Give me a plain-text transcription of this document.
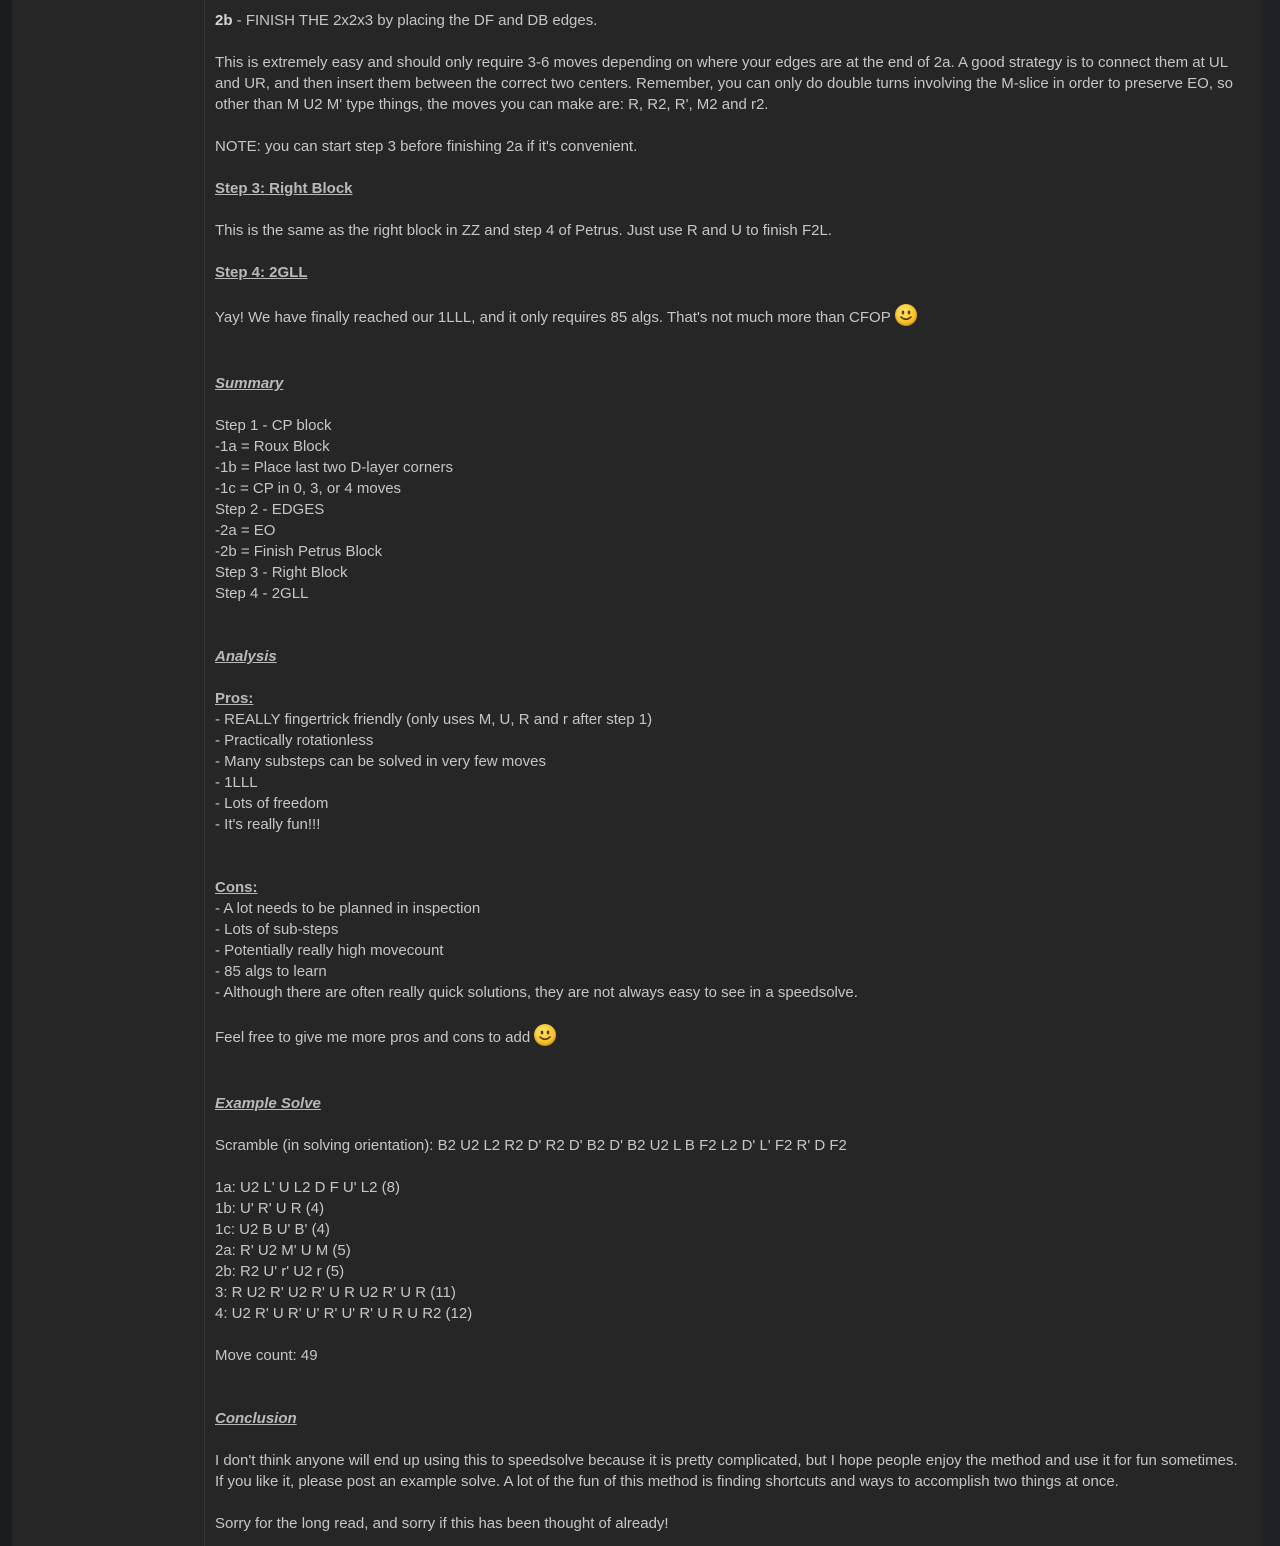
2b - FINISH THE 2x2x3 by placing the DF and DB edges.

This is extremely easy and should only require 3-6 moves depending on where your edges are at the end of 2a. A good strategy is to connect them at UL and UR, and then insert them between the correct two centers. Remember, you can only do double turns involving the M-slice in order to preserve EO, so other than M U2 M' type things, the moves you can make are: R, R2, R', M2 and r2.

NOTE: you can start step 3 before finishing 2a if it's convenient.

Step 3: Right Block

This is the same as the right block in ZZ and step 4 of Petrus. Just use R and U to finish F2L.

Step 4: 2GLL

Yay! We have finally reached our 1LLL, and it only requires 85 algs. That's not much more than CFOP

Summary

Step 1 - CP block

-1a = Roux Block

-1b = Place last two D-layer corners

-1c = CP in 0, 3, or 4 moves

Step 2 - EDGES

-2a = EO

-2b = Finish Petrus Block

Step 3 - Right Block

Step 4 - 2GLL

Analysis

Pros:

- REALLY fingertrick friendly (only uses M, U, R and r after step 1)

- Practically rotationless

- Many substeps can be solved in very few moves

- 1LLL

- Lots of freedom

- It's really fun!!!

Cons:

- A lot needs to be planned in inspection

- Lots of sub-steps

- Potentially really high movecount

- 85 algs to learn

- Although there are often really quick solutions, they are not always easy to see in a speedsolve.

Feel free to give me more pros and cons to add

Example Solve

Scramble (in solving orientation): B2 U2 L2 R2 D' R2 D' B2 D' B2 U2 L B F2 L2 D' L' F2 R' D F2

1a: U2 L' U L2 D F U' L2 (8)

1b: U' R' U R (4)

1c: U2 B U' B' (4)

2a: R' U2 M' U M (5)

2b: R2 U' r' U2 r (5)

3: R U2 R' U2 R' U R U2 R' U R (11)

4: U2 R' U R' U' R' U' R' U R U R2 (12)

Move count: 49

Conclusion

I don't think anyone will end up using this to speedsolve because it is pretty complicated, but I hope people enjoy the method and use it for fun sometimes. If you like it, please post an example solve. A lot of the fun of this method is finding shortcuts and ways to accomplish two things at once.

Sorry for the long read, and sorry if this has been thought of already!
